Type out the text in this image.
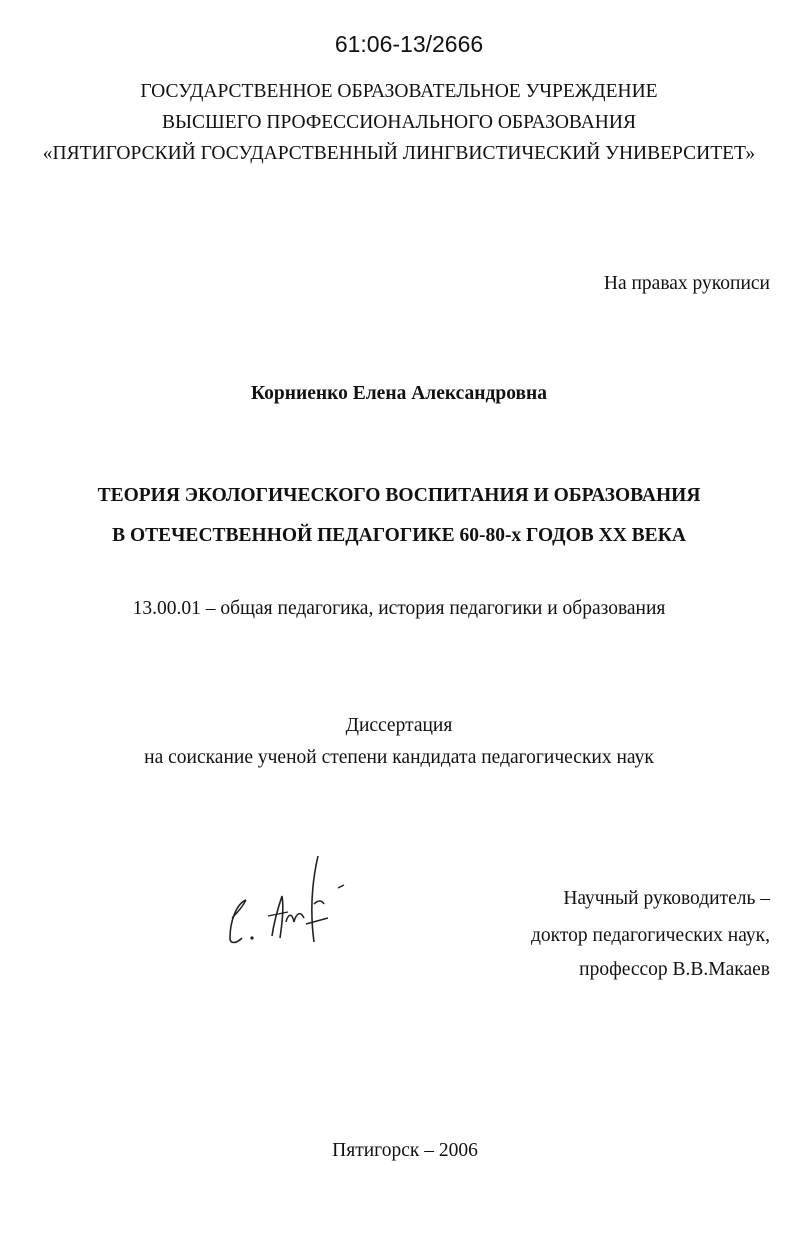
61:06-13/2666
ГОСУДАРСТВЕННОЕ ОБРАЗОВАТЕЛЬНОЕ УЧРЕЖДЕНИЕ
ВЫСШЕГО ПРОФЕССИОНАЛЬНОГО ОБРАЗОВАНИЯ
«ПЯТИГОРСКИЙ ГОСУДАРСТВЕННЫЙ ЛИНГВИСТИЧЕСКИЙ УНИВЕРСИТЕТ»
На правах рукописи
Корниенко Елена Александровна
ТЕОРИЯ ЭКОЛОГИЧЕСКОГО ВОСПИТАНИЯ И ОБРАЗОВАНИЯ
В ОТЕЧЕСТВЕННОЙ ПЕДАГОГИКЕ 60-80-х ГОДОВ XX ВЕКА
13.00.01 – общая педагогика, история педагогики и образования
Диссертация
на соискание ученой степени кандидата педагогических наук
Научный руководитель –
доктор педагогических наук,
профессор В.В.Макаев
Пятигорск – 2006
